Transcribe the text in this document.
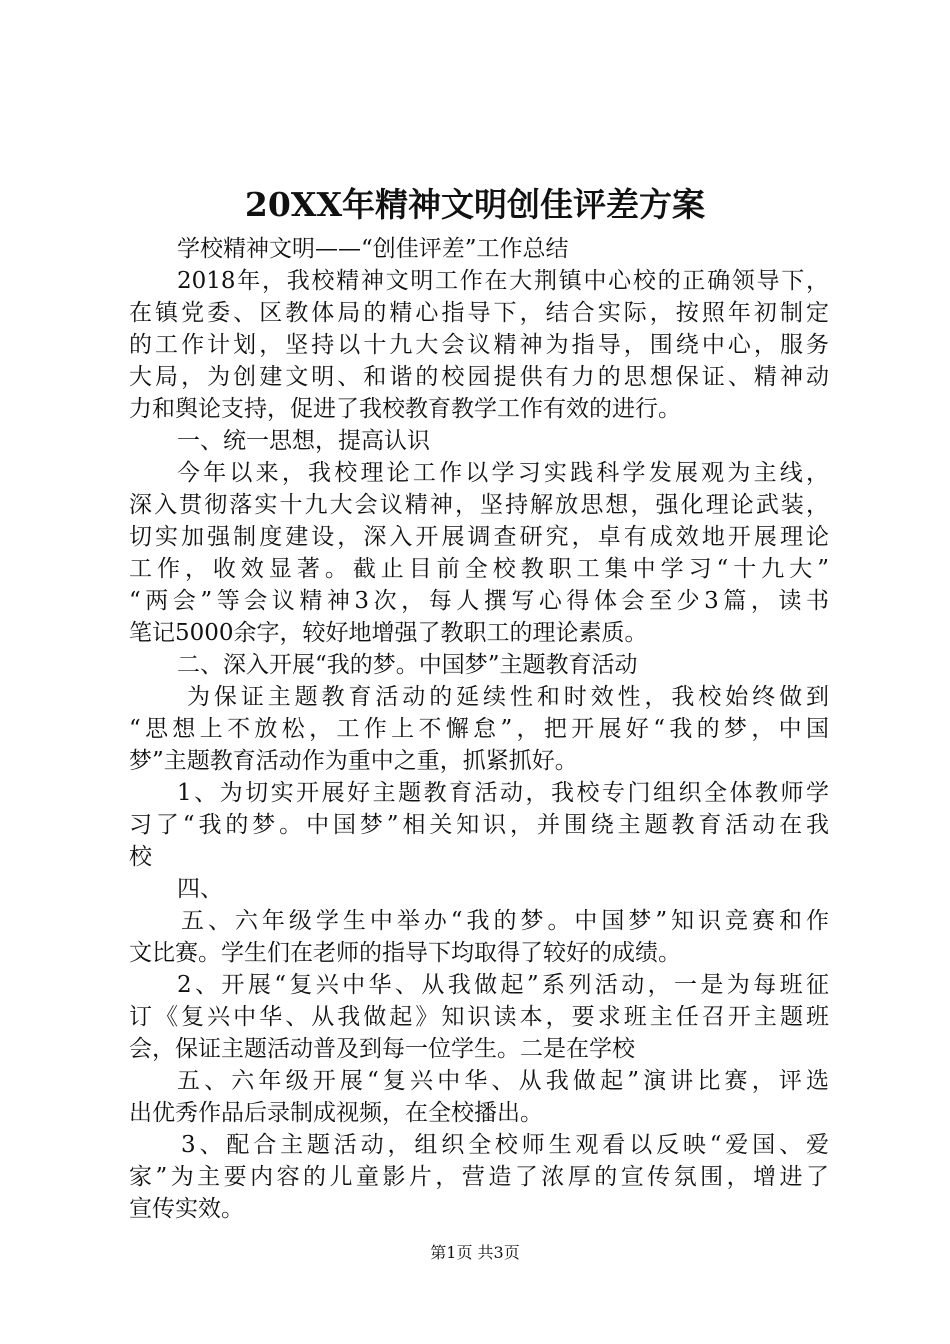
20XX年精神文明创佳评差方案
学校精神文明——“创佳评差”工作总结
2018年，我校精神文明工作在大荆镇中心校的正确领导下，
在镇党委、区教体局的精心指导下，结合实际，按照年初制定
的工作计划，坚持以十九大会议精神为指导，围绕中心，服务
大局，为创建文明、和谐的校园提供有力的思想保证、精神动
力和舆论支持，促进了我校教育教学工作有效的进行。
一、统一思想，提高认识
今年以来，我校理论工作以学习实践科学发展观为主线，
深入贯彻落实十九大会议精神，坚持解放思想，强化理论武装，
切实加强制度建设，深入开展调查研究，卓有成效地开展理论
工作，收效显著。截止目前全校教职工集中学习“十九大”
“两会”等会议精神3次，每人撰写心得体会至少3篇，读书
笔记5000余字，较好地增强了教职工的理论素质。
二、深入开展“我的梦。中国梦”主题教育活动
为保证主题教育活动的延续性和时效性，我校始终做到
“思想上不放松，工作上不懈怠”，把开展好“我的梦，中国
梦”主题教育活动作为重中之重，抓紧抓好。
1、为切实开展好主题教育活动，我校专门组织全体教师学
习了“我的梦。中国梦”相关知识，并围绕主题教育活动在我
校
四、
五、六年级学生中举办“我的梦。中国梦”知识竞赛和作
文比赛。学生们在老师的指导下均取得了较好的成绩。
2、开展“复兴中华、从我做起”系列活动，一是为每班征
订《复兴中华、从我做起》知识读本，要求班主任召开主题班
会，保证主题活动普及到每一位学生。二是在学校
五、六年级开展“复兴中华、从我做起”演讲比赛，评选
出优秀作品后录制成视频，在全校播出。
3、配合主题活动，组织全校师生观看以反映“爱国、爱
家”为主要内容的儿童影片，营造了浓厚的宣传氛围，增进了
宣传实效。
第1页 共3页
